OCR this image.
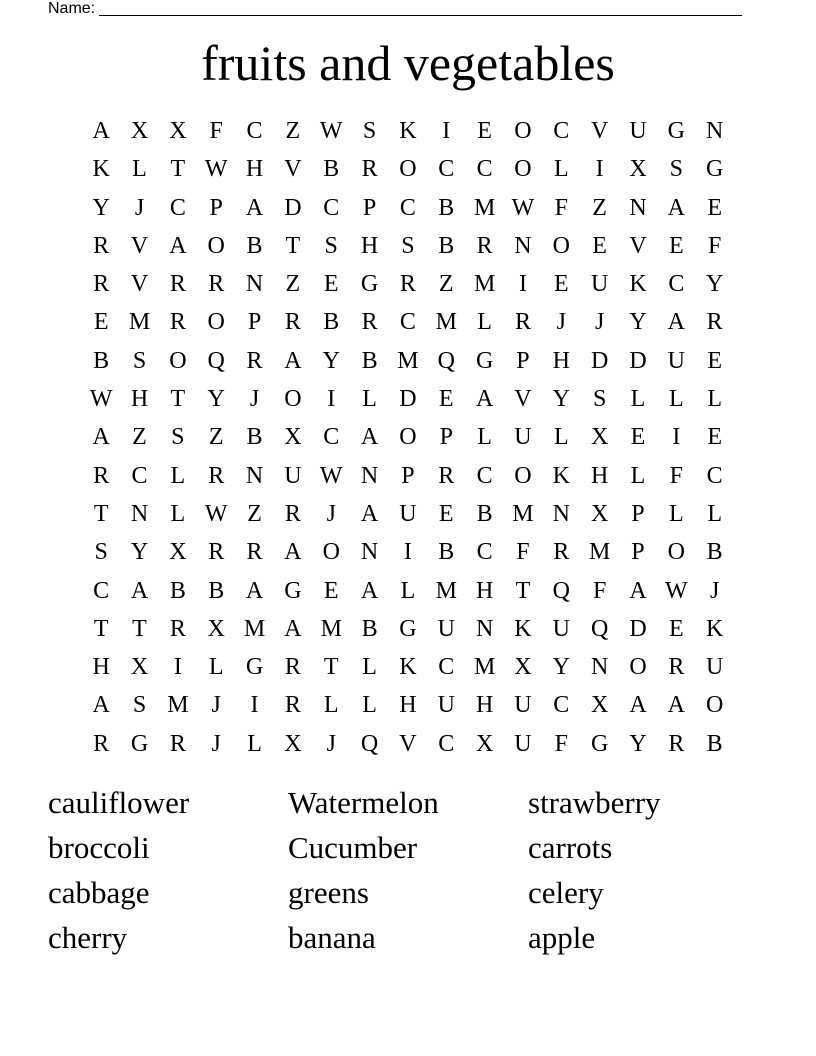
Name:
fruits and vegetables
A X X F C Z W S K	I	E O C V U G N
K L T W H V B R O C C O L	I	X S G
Y	J	C P A D C P C B M W F	Z N A E
R V A O B T	S H S B R N O E V E	F
R V R R N Z E G R Z M I	E U K C Y
E M R O P R B R C M L R	J	J	Y A R
B S O Q R A Y B M Q G P H D D U E
W H T Y	J	O	I	L D E A V Y S	L L L
A Z	S	Z B X C A O P	L U L X E	I	E
R C L R N U W N P R C O K H L	F C
T N L W Z R	J	A U E B M N X P	L L
S Y X R R A O N	I	B C F R M P O B
C A B B A G E A L M H T Q F A W J
T T R X M A M B G U N K U Q D E K
H X	I	L G R T L K C M X Y N O R U
A S M J	I	R L L H U H U C X A A O
R G R	J	L X	J	Q V C X U F G Y R B
cauliflower	Watermelon	strawberry
broccoli	Cucumber	carrots
cabbage	greens	celery
cherry	banana	apple
